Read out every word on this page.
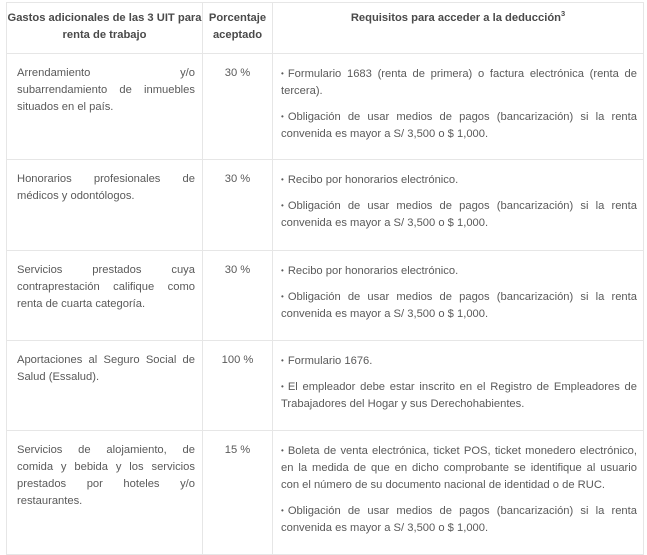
Gastos adicionales de las 3 UIT para renta de trabajo	Porcentaje aceptado	Requisitos para acceder a la deducción$^3$
Arrendamiento y/o subarrendamiento de inmuebles situados en el país.	30 %	• Formulario 1683 (renta de primera) o factura electrónica (renta de tercera).

• Obligación de usar medios de pagos (bancarización) si la renta convenida es mayor a S/ 3,500 o $ 1,000.

Honorarios profesionales de médicos y odontólogos.	30 %	• Recibo por honorarios electrónico.

• Obligación de usar medios de pagos (bancarización) si la renta convenida es mayor a S/ 3,500 o $ 1,000.

Servicios prestados cuya contraprestación califique como renta de cuarta categoría.	30 %	• Recibo por honorarios electrónico.

• Obligación de usar medios de pagos (bancarización) si la renta convenida es mayor a S/ 3,500 o $ 1,000.

Aportaciones al Seguro Social de Salud (Essalud).	100 %	• Formulario 1676.

• El empleador debe estar inscrito en el Registro de Empleadores de Trabajadores del Hogar y sus Derechohabientes.

Servicios de alojamiento, de comida y bebida y los servicios prestados por hoteles y/o restaurantes.	15 %	• Boleta de venta electrónica, ticket POS, ticket monedero electrónico, en la medida de que en dicho comprobante se identifique al usuario con el número de su documento nacional de identidad o de RUC.

• Obligación de usar medios de pagos (bancarización) si la renta convenida es mayor a S/ 3,500 o $ 1,000.
